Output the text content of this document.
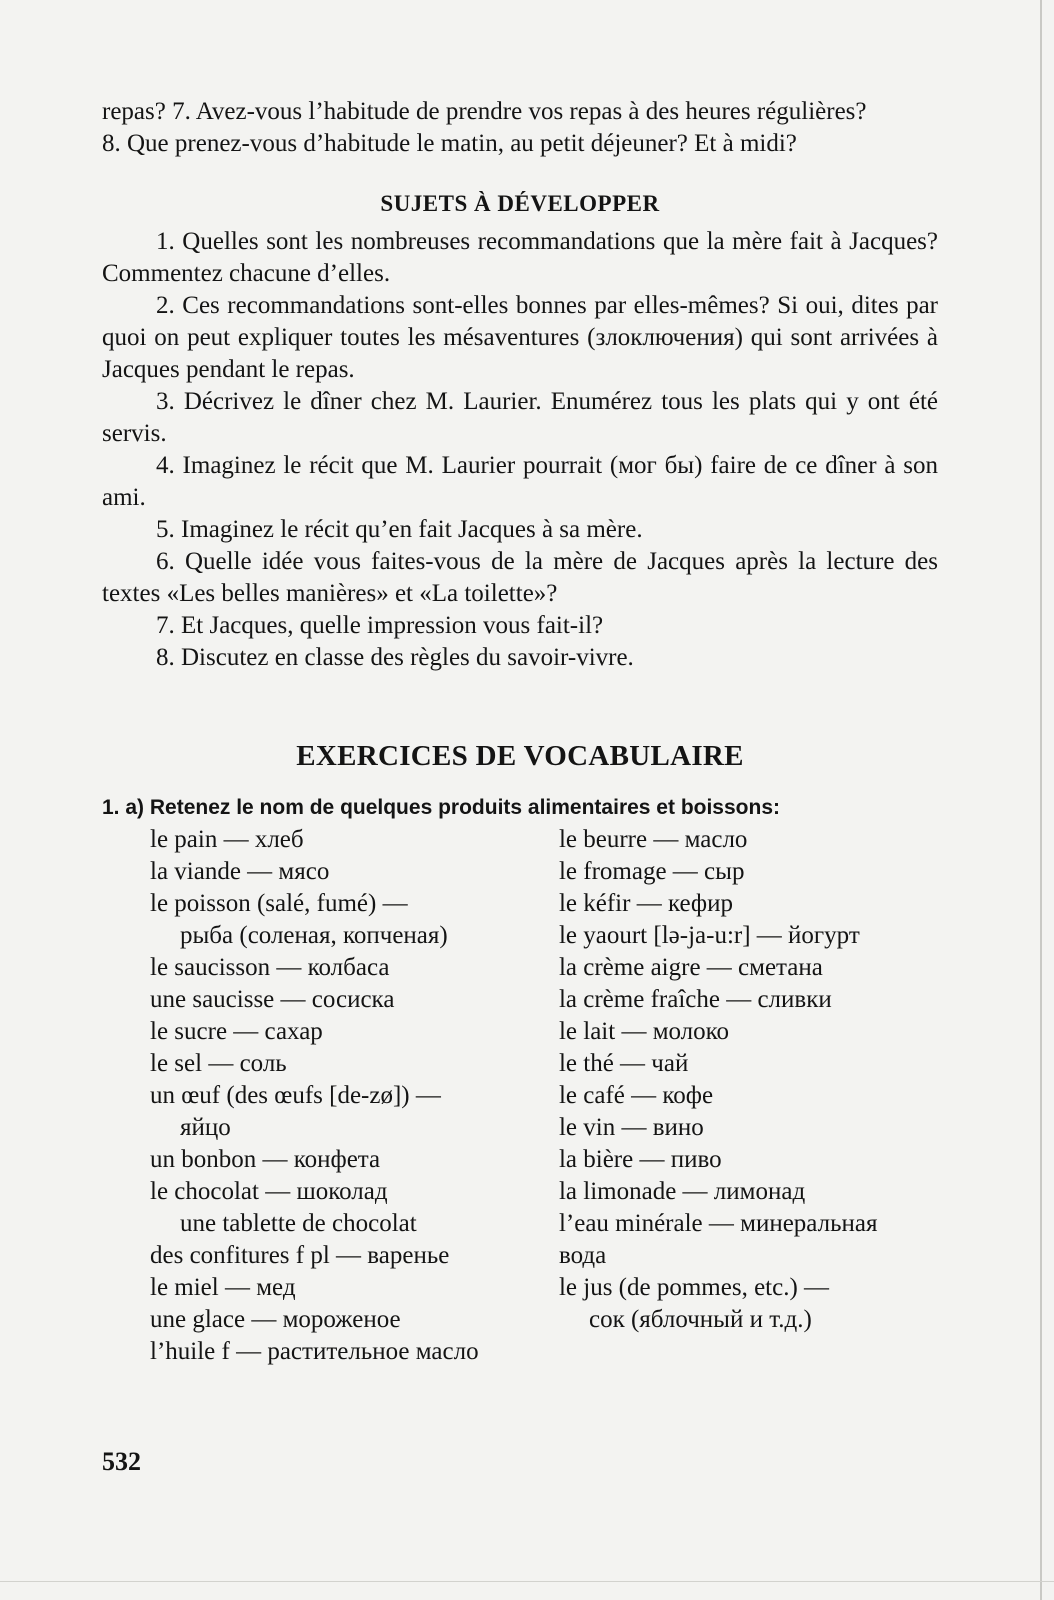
repas? 7. Avez-vous l’habitude de prendre vos repas à des heures régulières?

8. Que prenez-vous d’habitude le matin, au petit déjeuner? Et à midi?

SUJETS À DÉVELOPPER

1. Quelles sont les nombreuses recommandations que la mère fait à Jacques? Commentez chacune d’elles.

2. Ces recommandations sont-elles bonnes par elles-mêmes? Si oui, dites par quoi on peut expliquer toutes les mésaventures (злоключения) qui sont arrivées à Jacques pendant le repas.

3. Décrivez le dîner chez M. Laurier. Enumérez tous les plats qui y ont été servis.

4. Imaginez le récit que M. Laurier pourrait (мог бы) faire de ce dîner à son ami.

5. Imaginez le récit qu’en fait Jacques à sa mère.

6. Quelle idée vous faites-vous de la mère de Jacques après la lecture des textes «Les belles manières» et «La toilette»?

7. Et Jacques, quelle impression vous fait-il?

8. Discutez en classe des règles du savoir-vivre.

EXERCICES DE VOCABULAIRE

1. a) Retenez le nom de quelques produits alimentaires et boissons:

le pain — хлеб
la viande — мясо
le poisson (salé, fumé) —
рыба (соленая, копченая)
le saucisson — колбаса
une saucisse — сосиска
le sucre — сахар
le sel — соль
un œuf (des œufs [de-zø]) —
яйцо
un bonbon — конфета
le chocolat — шоколад
une tablette de chocolat
des confitures f pl — варенье
le miel — мед
une glace — мороженое
l’huile f — растительное масло
le beurre — масло
le fromage — сыр
le kéfir — кефир
le yaourt [lə-ja-u:r] — йогурт
la crème aigre — сметана
la crème fraîche — сливки
le lait — молоко
le thé — чай
le café — кофе
le vin — вино
la bière — пиво
la limonade — лимонад
l’eau minérale — минеральная
вода
le jus (de pommes, etc.) —
сок (яблочный и т.д.)
532
